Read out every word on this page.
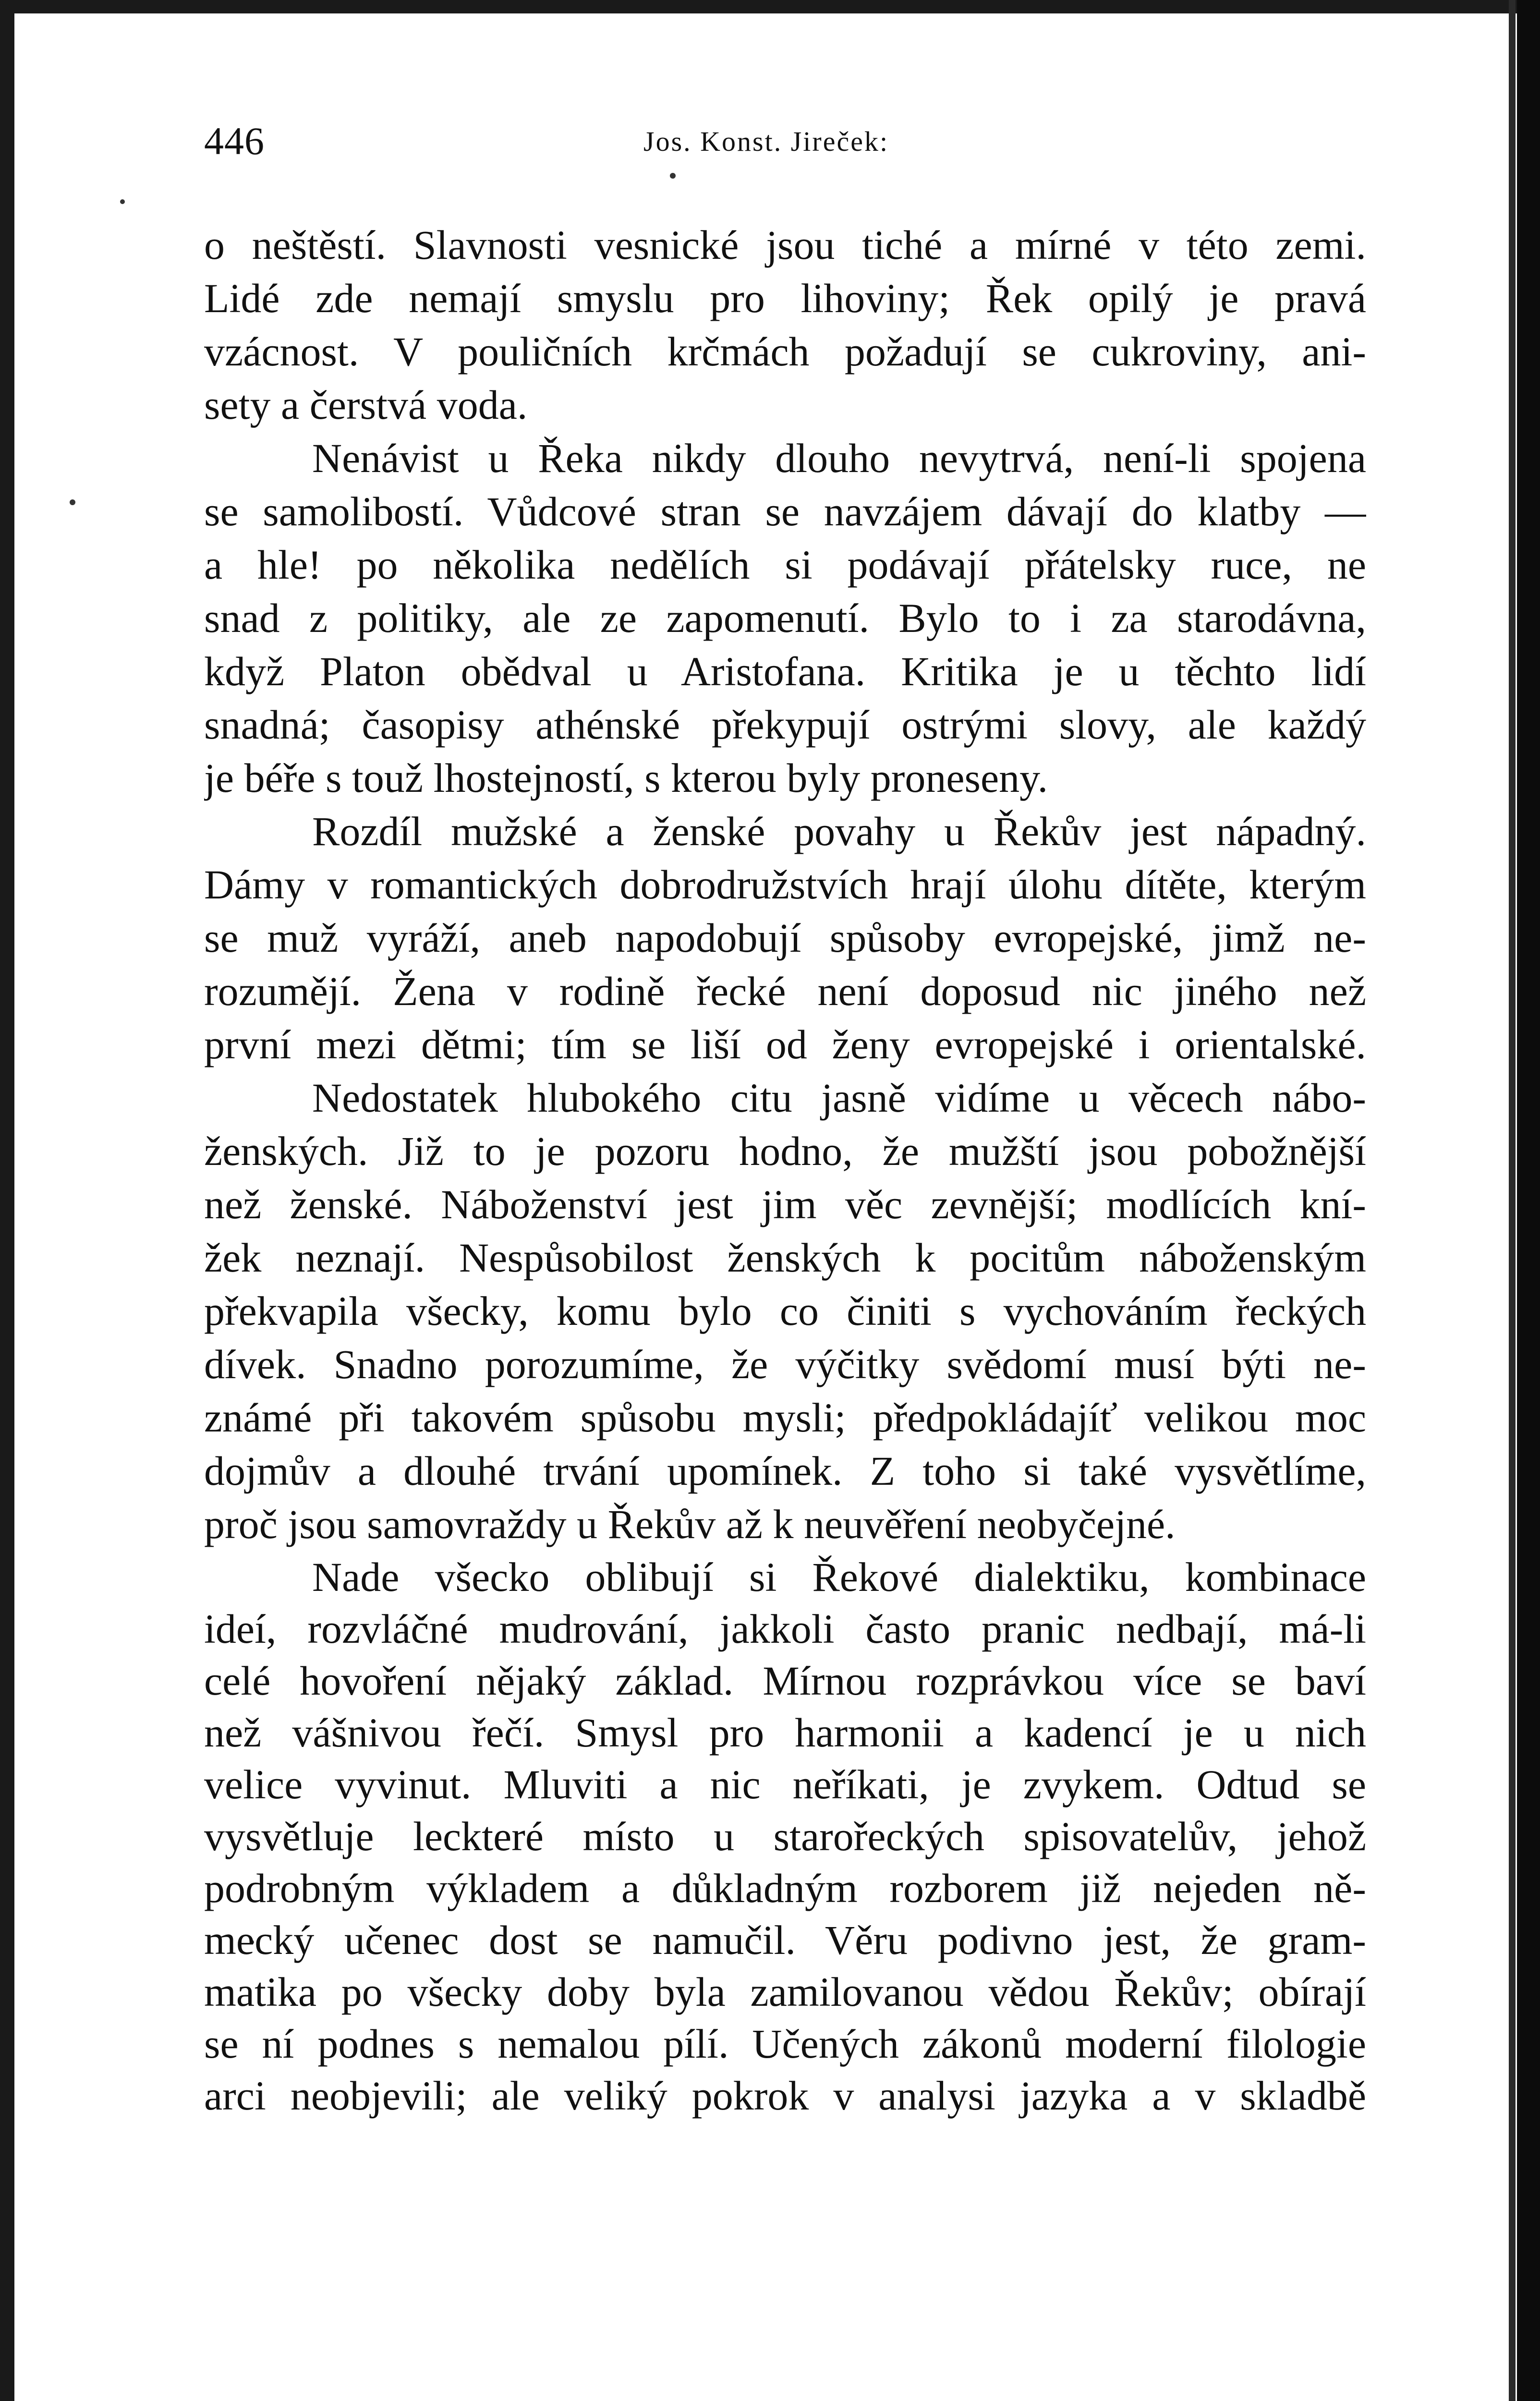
446	Jos. Konst. Jireček:
o neštěstí. Slavnosti vesnické jsou tiché a mírné v této zemi.
Lidé zde nemají smyslu pro lihoviny; Řek opilý je pravá
vzácnost. V pouličních krčmách požadují se cukroviny, ani-
sety a čerstvá voda.
Nenávist u Řeka nikdy dlouho nevytrvá, není-li spojena
se samolibostí. Vůdcové stran se navzájem dávají do klatby —
a hle! po několika nedělích si podávají přátelsky ruce, ne
snad z politiky, ale ze zapomenutí. Bylo to i za starodávna,
když Platon obědval u Aristofana. Kritika je u těchto lidí
snadná; časopisy athénské překypují ostrými slovy, ale každý
je béře s touž lhostejností, s kterou byly proneseny.
Rozdíl mužské a ženské povahy u Řekův jest nápadný.
Dámy v romantických dobrodružstvích hrají úlohu dítěte, kterým
se muž vyráží, aneb napodobují spůsoby evropejské, jimž ne-
rozumějí. Žena v rodině řecké není doposud nic jiného než
první mezi dětmi; tím se liší od ženy evropejské i orientalské.
Nedostatek hlubokého citu jasně vidíme u věcech nábo-
ženských. Již to je pozoru hodno, že mužští jsou pobožnější
než ženské. Náboženství jest jim věc zevnější; modlících kní-
žek neznají. Nespůsobilost ženských k pocitům náboženským
překvapila všecky, komu bylo co činiti s vychováním řeckých
dívek. Snadno porozumíme, že výčitky svědomí musí býti ne-
známé při takovém spůsobu mysli; předpokládajíť velikou moc
dojmův a dlouhé trvání upomínek. Z toho si také vysvětlíme,
proč jsou samovraždy u Řekův až k neuvěření neobyčejné.
Nade všecko oblibují si Řekové dialektiku, kombinace
ideí, rozvláčné mudrování, jakkoli často pranic nedbají, má-li
celé hovoření nějaký základ. Mírnou rozprávkou více se baví
než vášnivou řečí. Smysl pro harmonii a kadencí je u nich
velice vyvinut. Mluviti a nic neříkati, je zvykem. Odtud se
vysvětluje leckteré místo u starořeckých spisovatelův, jehož
podrobným výkladem a důkladným rozborem již nejeden ně-
mecký učenec dost se namučil. Věru podivno jest, že gram-
matika po všecky doby byla zamilovanou vědou Řekův; obírají
se ní podnes s nemalou pílí. Učených zákonů moderní filologie
arci neobjevili; ale veliký pokrok v analysi jazyka a v skladbě
